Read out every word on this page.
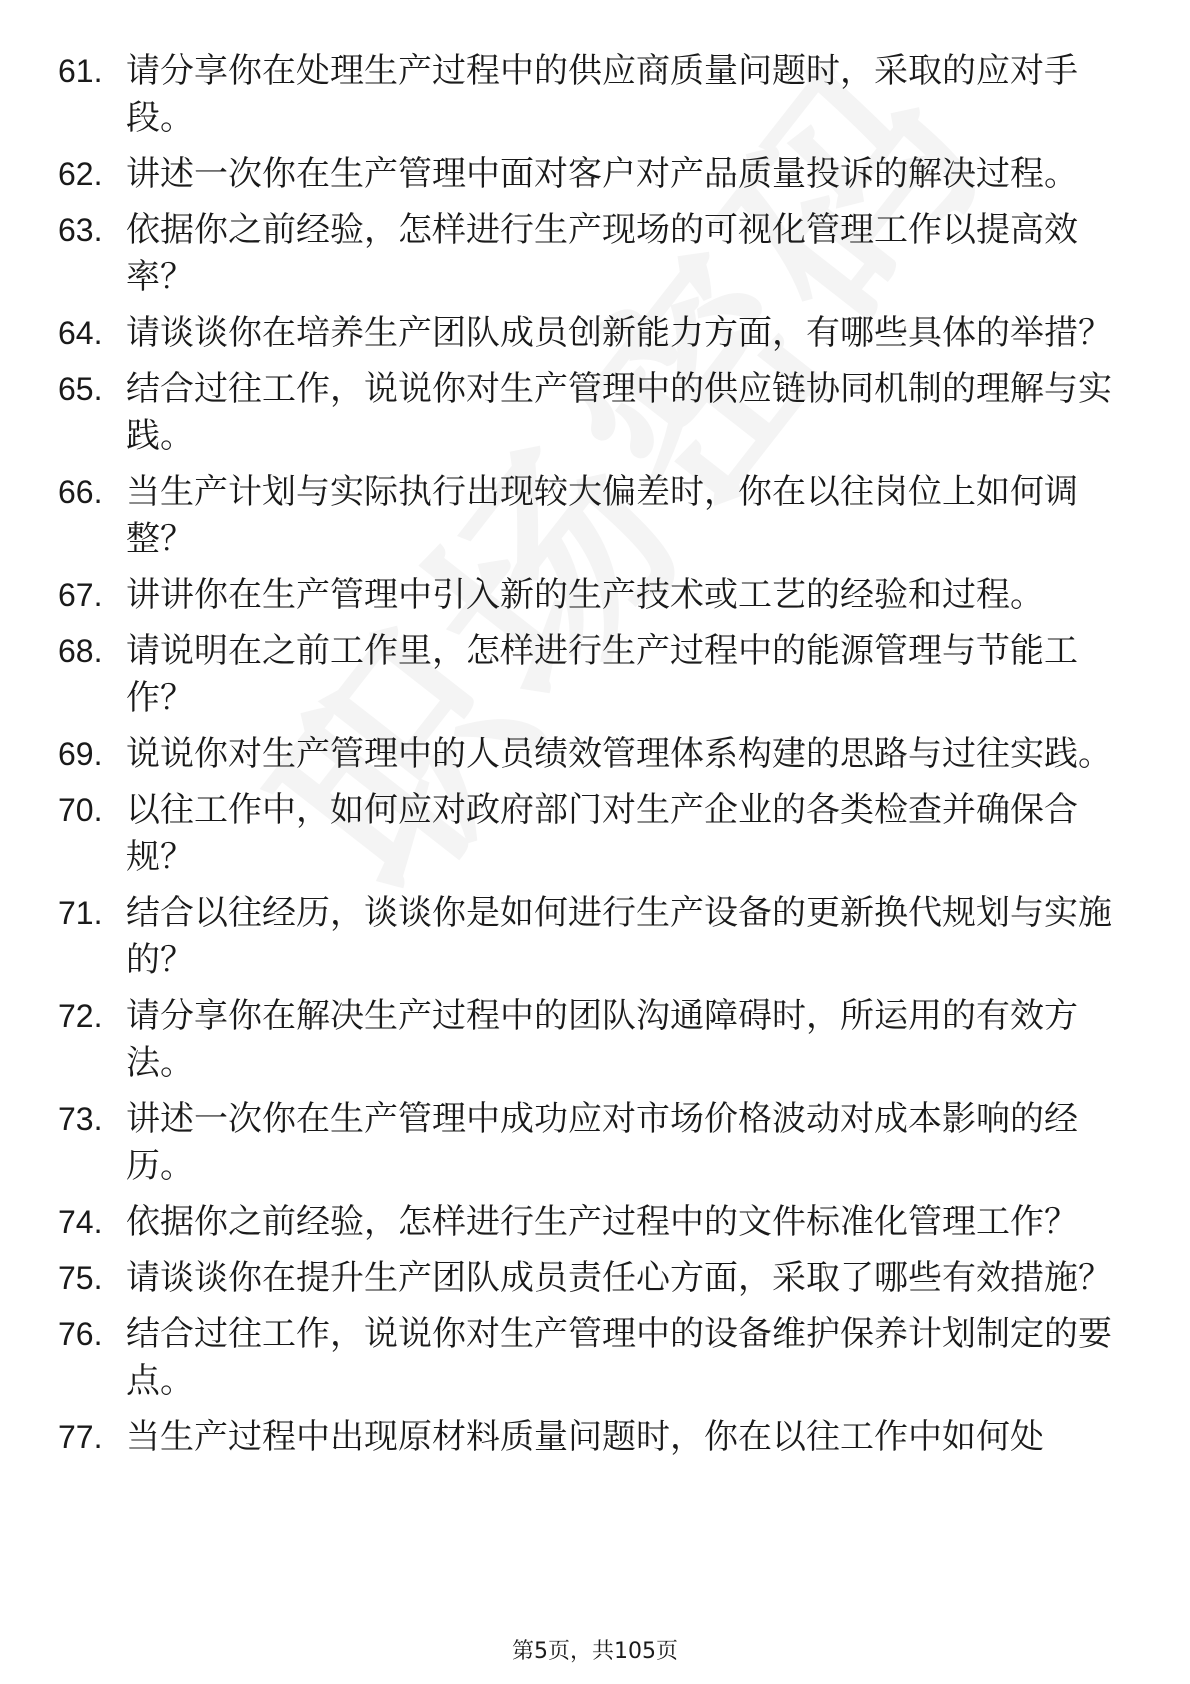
61. 请分享你在处理生产过程中的供应商质量问题时，采取的应对手段。
62. 讲述一次你在生产管理中面对客户对产品质量投诉的解决过程。
63. 依据你之前经验，怎样进行生产现场的可视化管理工作以提高效率？
64. 请谈谈你在培养生产团队成员创新能力方面，有哪些具体的举措？
65. 结合过往工作，说说你对生产管理中的供应链协同机制的理解与实践。
66. 当生产计划与实际执行出现较大偏差时，你在以往岗位上如何调整？
67. 讲讲你在生产管理中引入新的生产技术或工艺的经验和过程。
68. 请说明在之前工作里，怎样进行生产过程中的能源管理与节能工作？
69. 说说你对生产管理中的人员绩效管理体系构建的思路与过往实践。
70. 以往工作中，如何应对政府部门对生产企业的各类检查并确保合规？
71. 结合以往经历，谈谈你是如何进行生产设备的更新换代规划与实施的？
72. 请分享你在解决生产过程中的团队沟通障碍时，所运用的有效方法。
73. 讲述一次你在生产管理中成功应对市场价格波动对成本影响的经历。
74. 依据你之前经验，怎样进行生产过程中的文件标准化管理工作？
75. 请谈谈你在提升生产团队成员责任心方面，采取了哪些有效措施？
76. 结合过往工作，说说你对生产管理中的设备维护保养计划制定的要点。
77. 当生产过程中出现原材料质量问题时，你在以往工作中如何处
第5页，共105页
